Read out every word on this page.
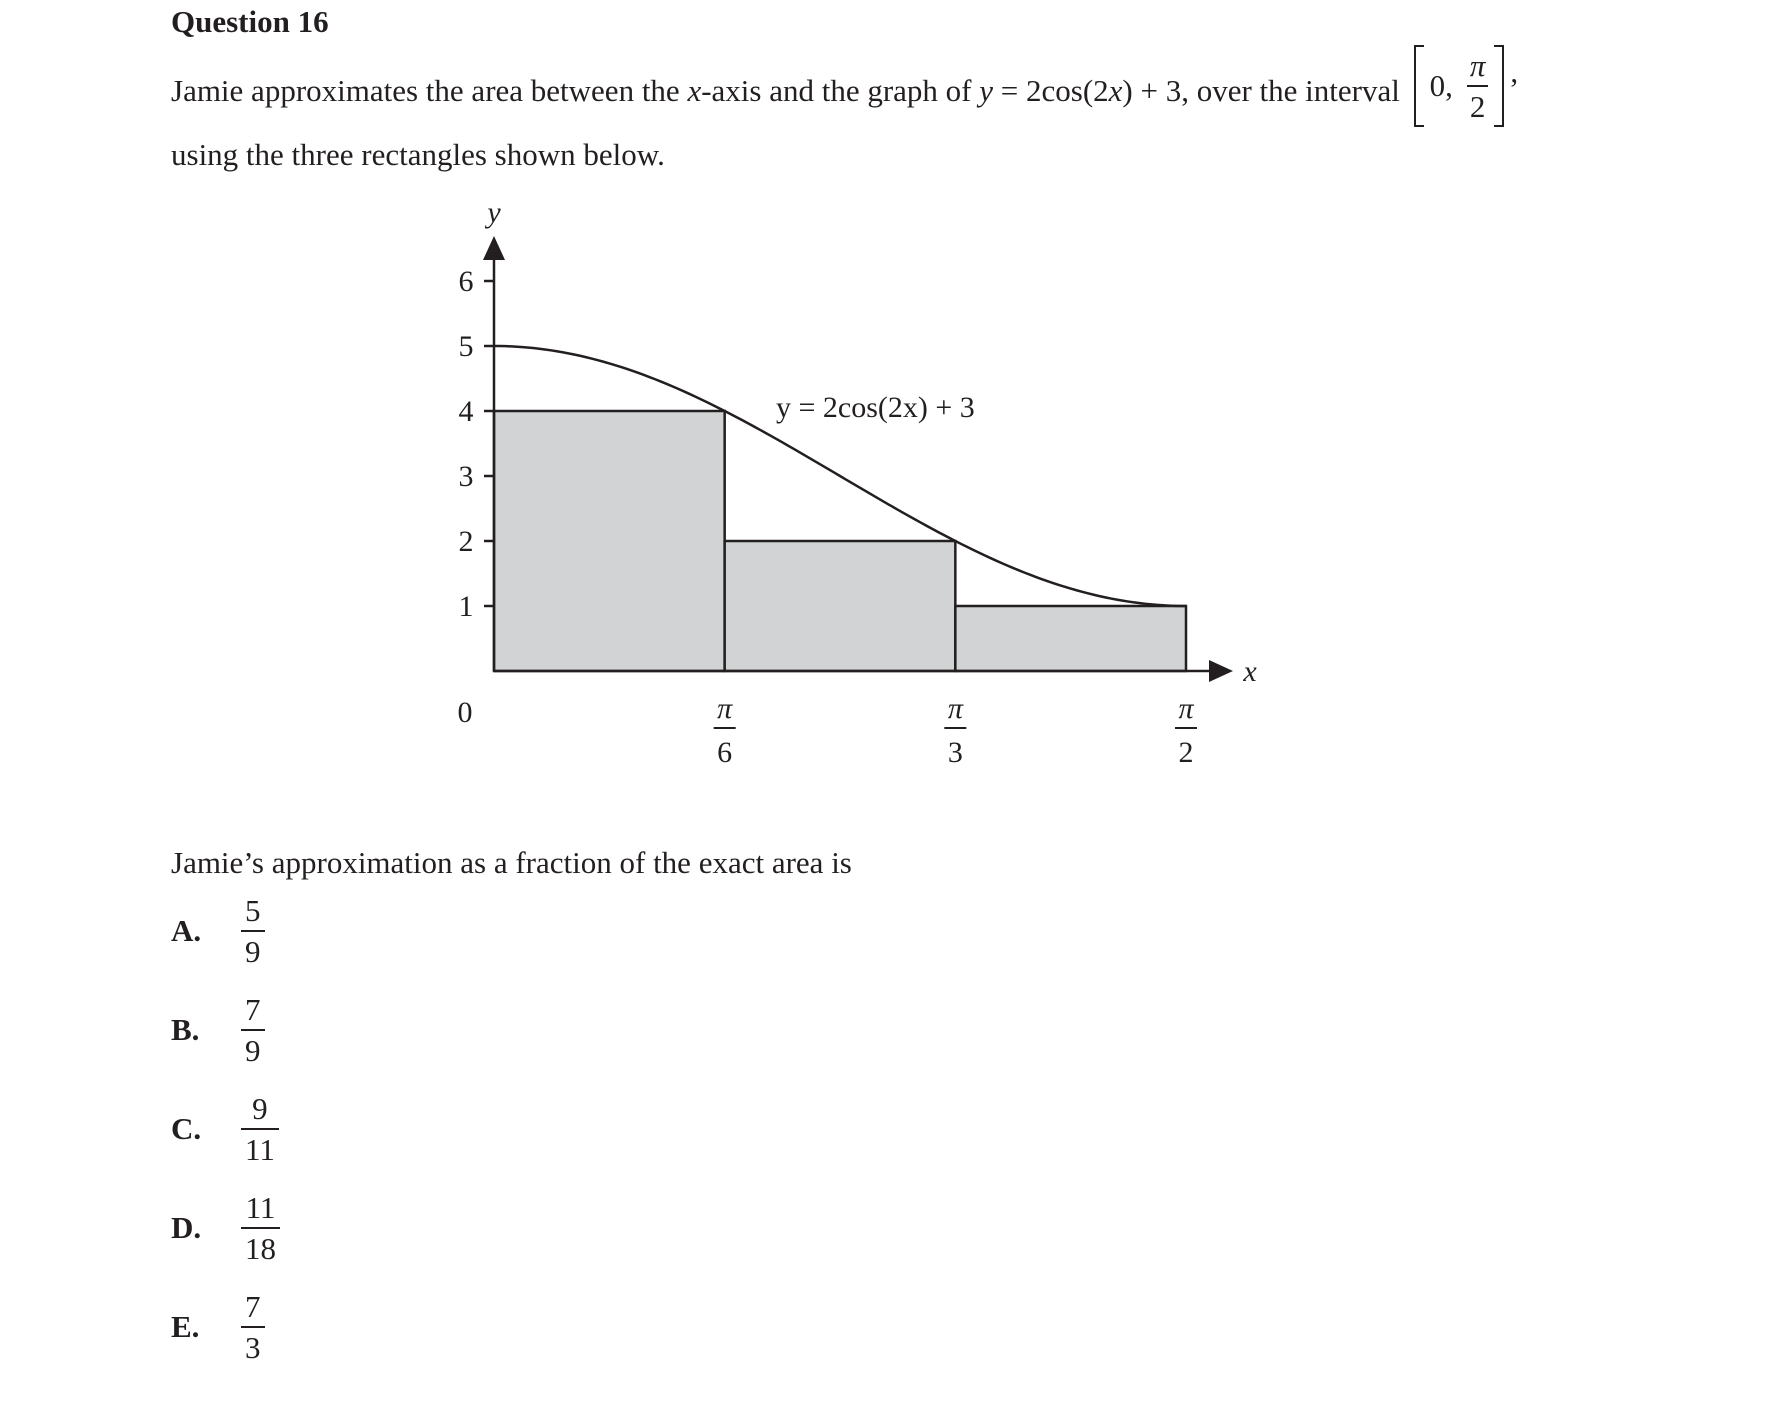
Question 16
Jamie approximates the area between the x-axis and the graph of y = 2cos(2x) + 3, over the interval 0, $\frac{\pi}{2}$ ,
using the three rectangles shown below.
1
2
3
4
5
6
π
6
π
3
π
2
y
x
0
y = 2cos(2x) + 3
Jamie’s approximation as a fraction of the exact area is
A.	$\frac{5}{9}$
B.	$\frac{7}{9}$
C.	$\frac{9}{11}$
D.	$\frac{11}{18}$
E.	$\frac{7}{3}$
